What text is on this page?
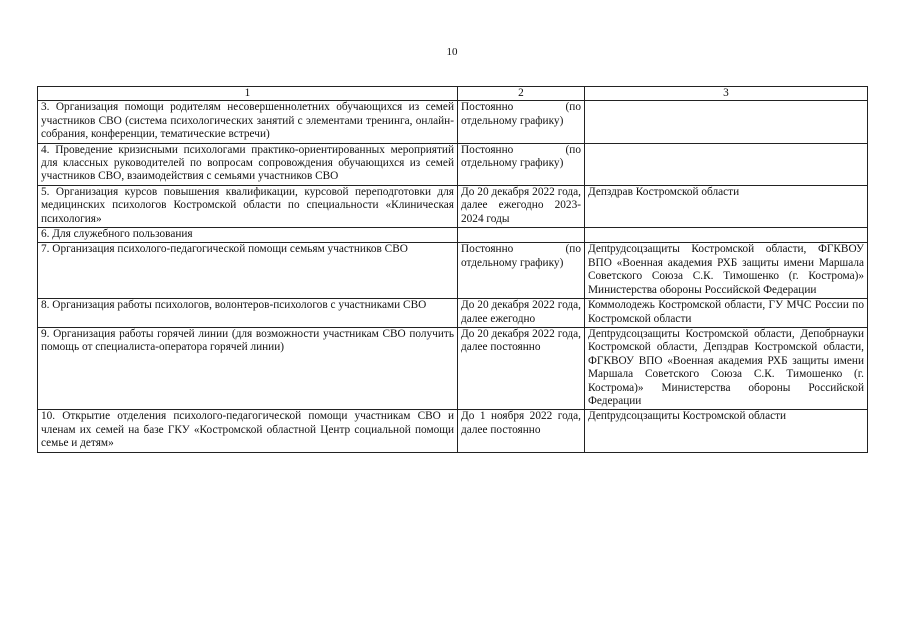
10
1	2	3
3. Организация помощи родителям несовершеннолетних обучающихся из семей участников СВО (система психологических занятий с элементами тренинга, онлайн-собрания, конференции, тематические встречи)	Постоянно (по отдельному графику)	
4. Проведение кризисными психологами практико-ориентированных мероприятий для классных руководителей по вопросам сопровождения обучающихся из семей участников СВО, взаимодействия с семьями участников СВО	Постоянно (по отдельному графику)	
5. Организация курсов повышения квалификации, курсовой переподготовки для медицинских психологов Костромской области по специальности «Клиническая психология»	До 20 декабря 2022 года, далее ежегодно 2023-2024 годы	Депздрав Костромской области
6. Для служебного пользования		
7. Организация психолого-педагогической помощи семьям участников СВО	Постоянно (по отдельному графику)	Депtрудсоцзащиты Костромской области, ФГКВОУ ВПО «Военная академия РХБ защиты имени Маршала Советского Союза С.К. Тимошенко (г. Кострома)» Министерства обороны Российской Федерации
8. Организация работы психологов, волонтеров-психологов с участниками СВО	До 20 декабря 2022 года, далее ежегодно	Коммолодежь Костромской области, ГУ МЧС России по Костромской области
9. Организация работы горячей линии (для возможности участникам СВО получить помощь от специалиста-оператора горячей линии)	До 20 декабря 2022 года, далее постоянно	Депtрудсоцзащиты Костромской области, Депобрнауки Костромской области, Депздрав Костромской области, ФГКВОУ ВПО «Военная академия РХБ защиты имени Маршала Советского Союза С.К. Тимошенко (г. Кострома)» Министерства обороны Российской Федерации
10. Открытие отделения психолого-педагогической помощи участникам СВО и членам их семей на базе ГКУ «Костромской областной Центр социальной помощи семье и детям»	До 1 ноября 2022 года, далее постоянно	Депtрудсоцзащиты Костромской области
